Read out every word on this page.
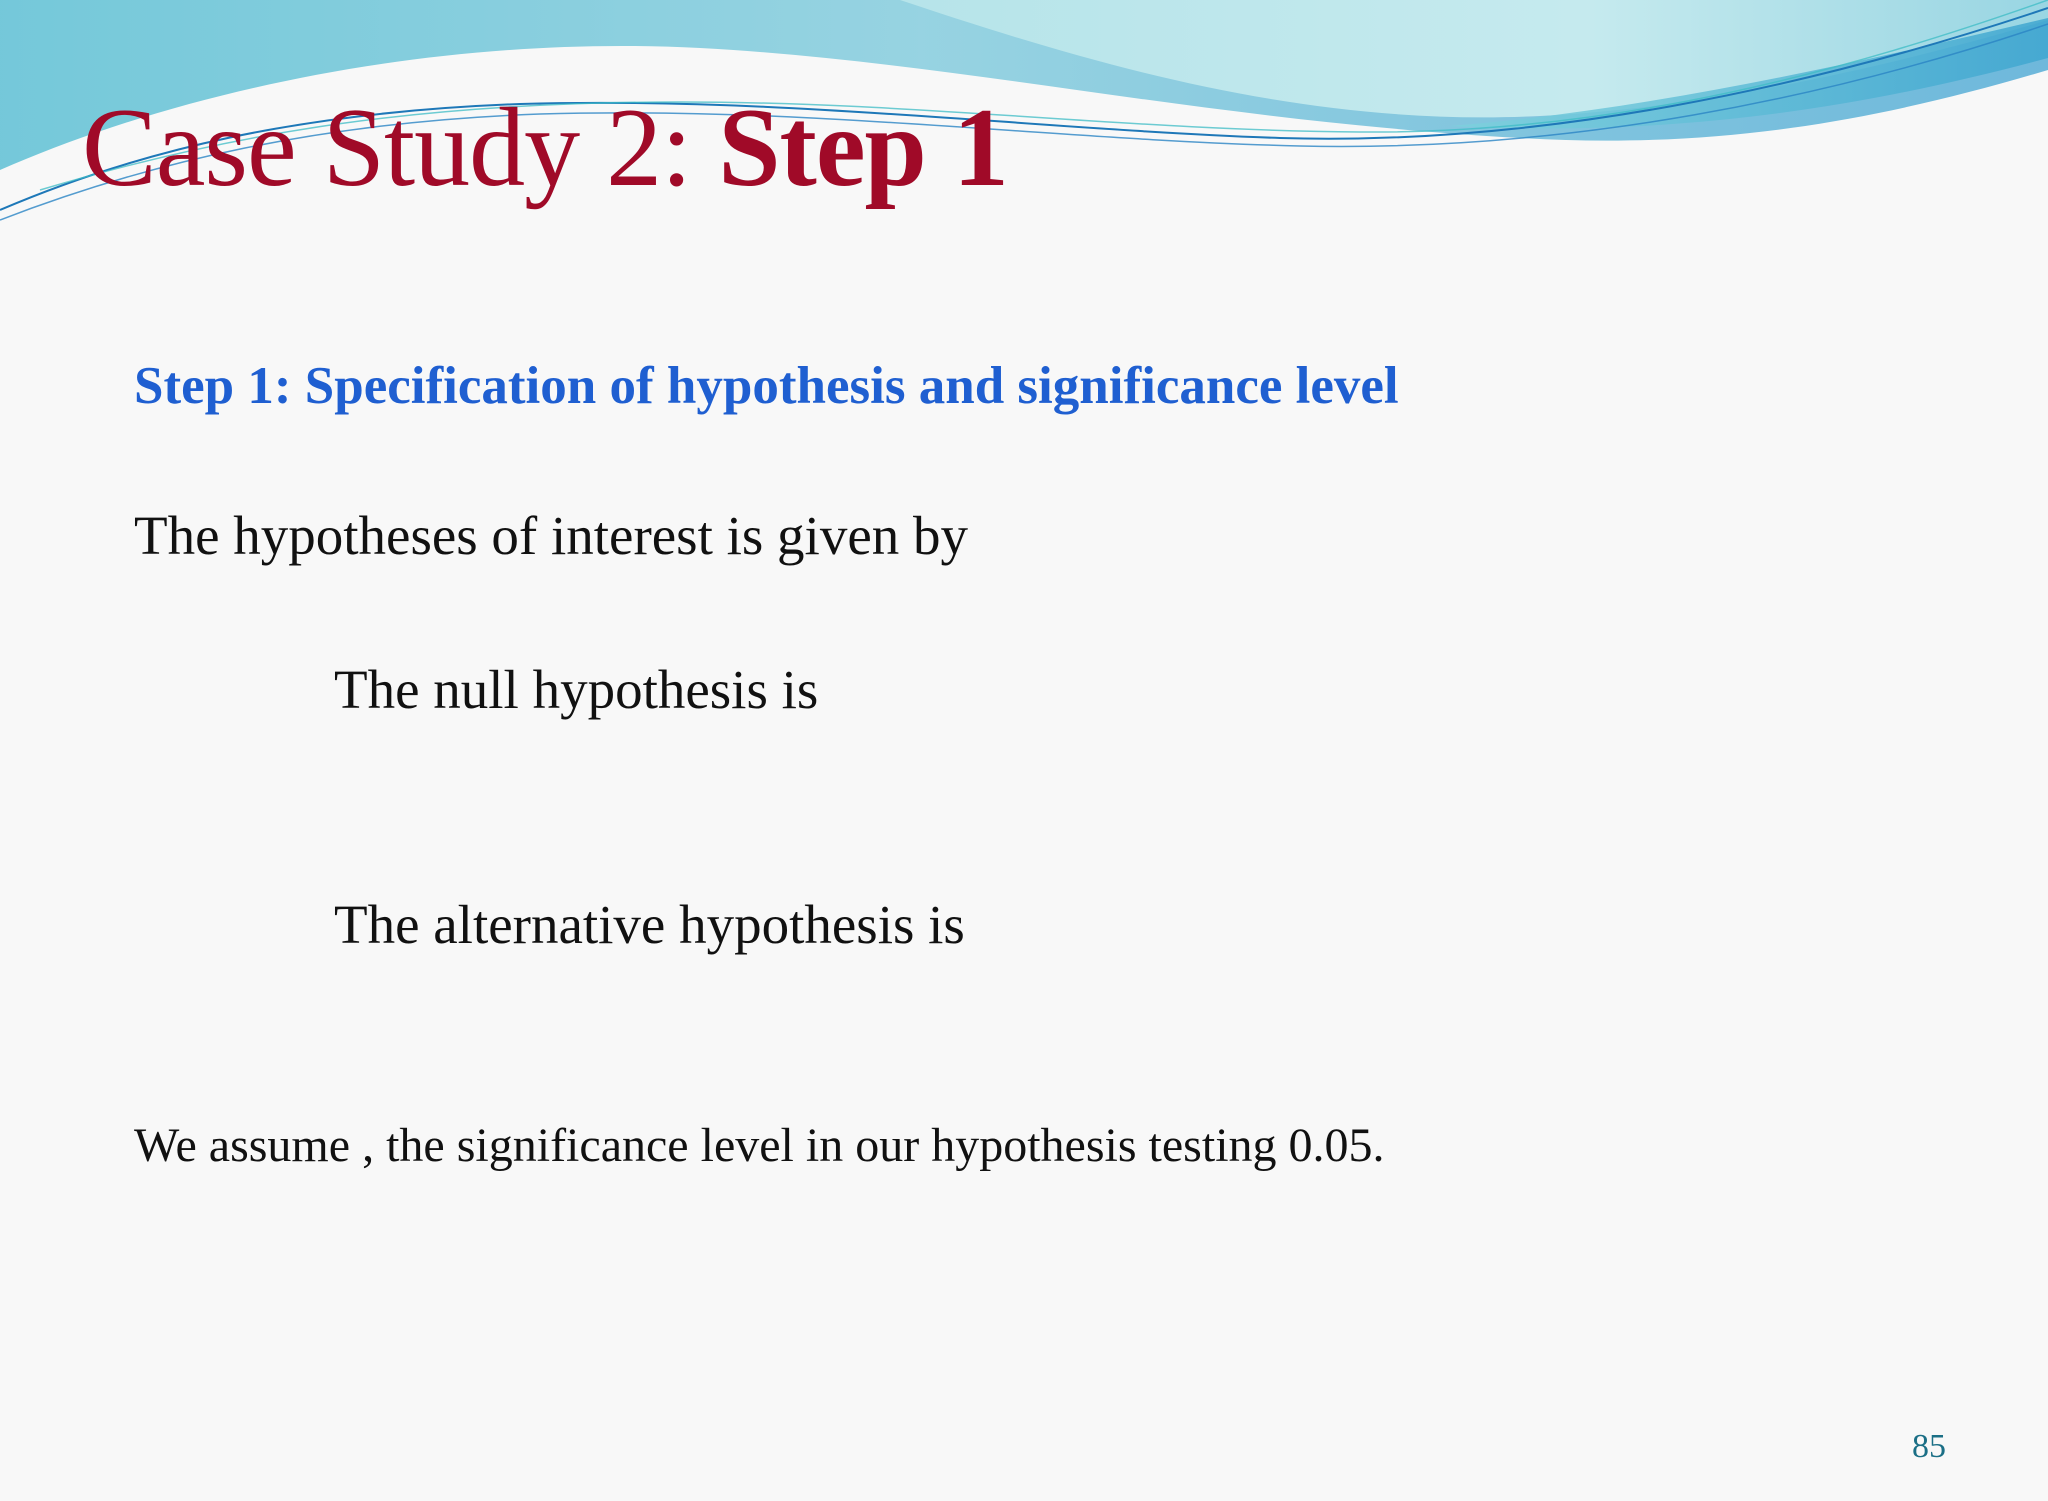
Case Study 2: Step 1
Step 1: Specification of hypothesis and significance level

The hypotheses of interest is given by

The null hypothesis is

The alternative hypothesis is

We assume , the significance level in our hypothesis testing 0.05.

85
